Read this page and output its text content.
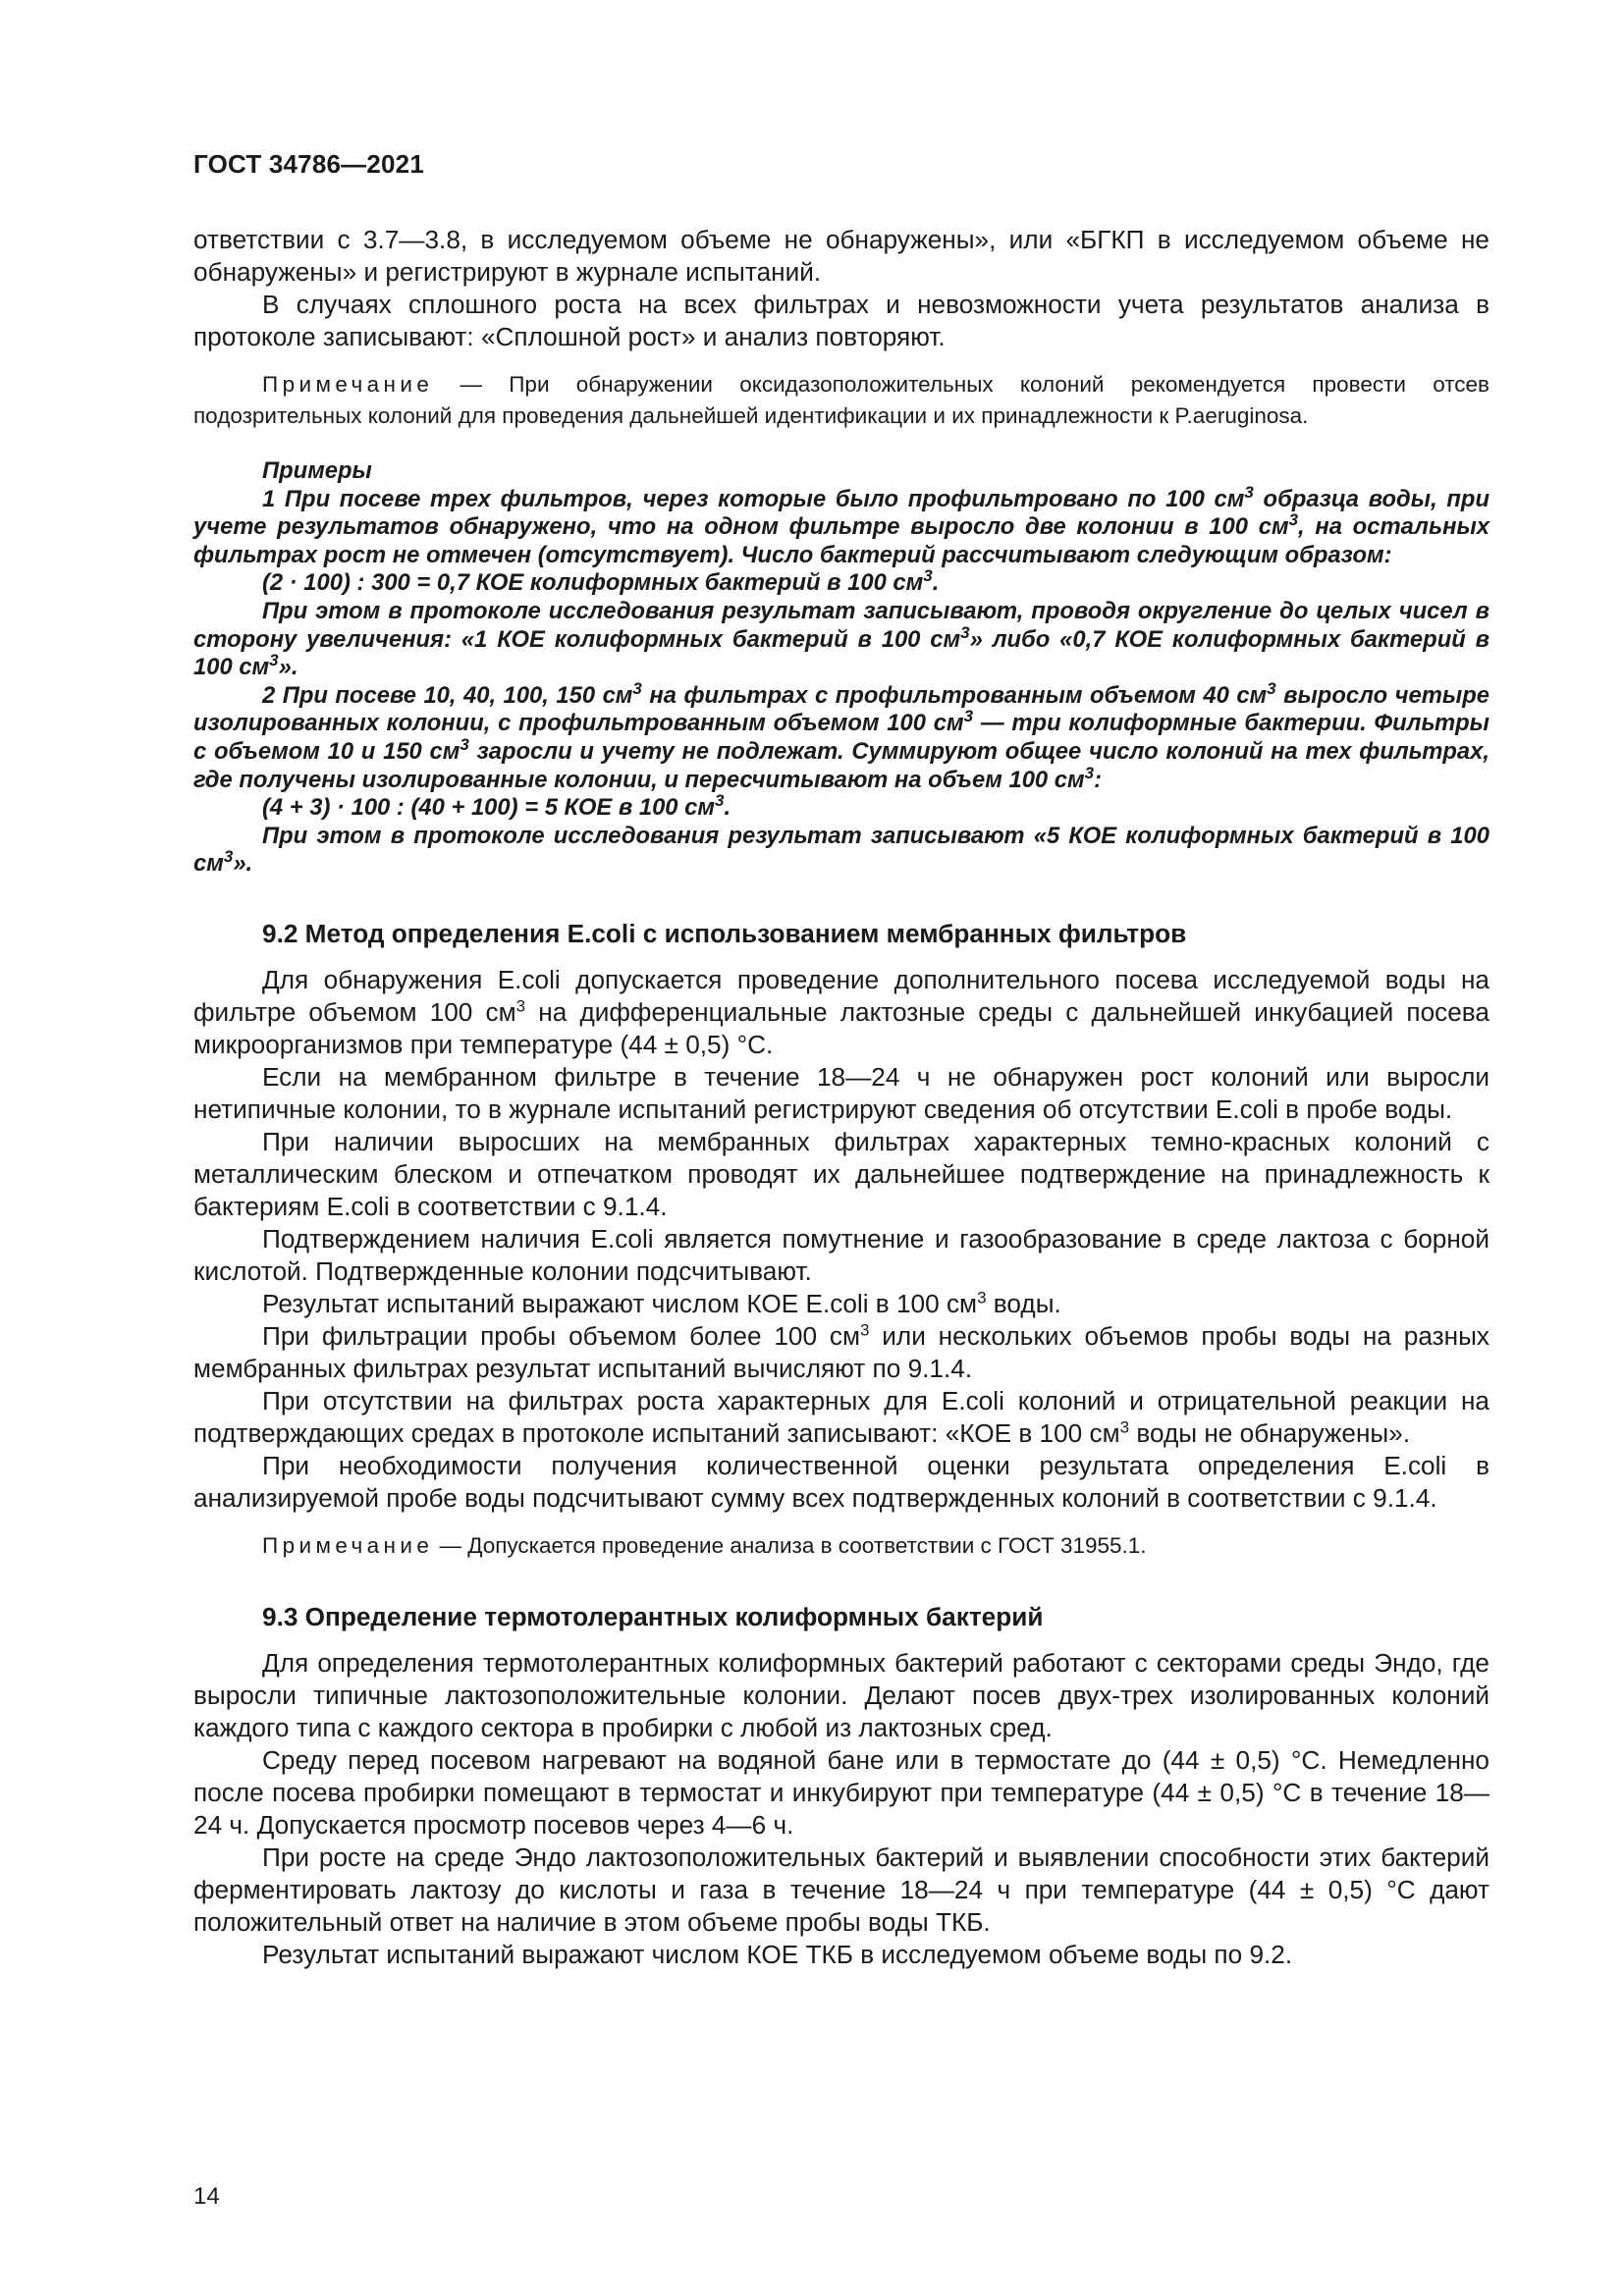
ГОСТ 34786—2021

ответствии с 3.7—3.8, в исследуемом объеме не обнаружены», или «БГКП в исследуемом объеме не обнаружены» и регистрируют в журнале испытаний.

В случаях сплошного роста на всех фильтрах и невозможности учета результатов анализа в протоколе записывают: «Сплошной рост» и анализ повторяют.

Примечание — При обнаружении оксидазоположительных колоний рекомендуется провести отсев подозрительных колоний для проведения дальнейшей идентификации и их принадлежности к P.aeruginosa.

Примеры

1 При посеве трех фильтров, через которые было профильтровано по 100 $см^3$ образца воды, при учете результатов обнаружено, что на одном фильтре выросло две колонии в 100 $см^3$, на остальных фильтрах рост не отмечен (отсутствует). Число бактерий рассчитывают следующим образом:

(2 · 100) : 300 = 0,7 КОЕ колиформных бактерий в 100 $см^3$.

При этом в протоколе исследования результат записывают, проводя округление до целых чисел в сторону увеличения: «1 КОЕ колиформных бактерий в 100 $см^3$» либо «0,7 КОЕ колиформных бактерий в 100 $см^3$».

2 При посеве 10, 40, 100, 150 $см^3$ на фильтрах с профильтрованным объемом 40 $см^3$ выросло четыре изолированных колонии, с профильтрованным объемом 100 $см^3$ — три колиформные бактерии. Фильтры с объемом 10 и 150 $см^3$ заросли и учету не подлежат. Суммируют общее число колоний на тех фильтрах, где получены изолированные колонии, и пересчитывают на объем 100 $см^3$:

(4 + 3) · 100 : (40 + 100) = 5 КОЕ в 100 $см^3$.

При этом в протоколе исследования результат записывают «5 КОЕ колиформных бактерий в 100 $см^3$».

9.2 Метод определения E.coli с использованием мембранных фильтров

Для обнаружения E.coli допускается проведение дополнительного посева исследуемой воды на фильтре объемом 100 $см^3$ на дифференциальные лактозные среды с дальнейшей инкубацией посева микроорганизмов при температуре (44 ± 0,5) °С.

Если на мембранном фильтре в течение 18—24 ч не обнаружен рост колоний или выросли нетипичные колонии, то в журнале испытаний регистрируют сведения об отсутствии E.coli в пробе воды.

При наличии выросших на мембранных фильтрах характерных темно-красных колоний с металлическим блеском и отпечатком проводят их дальнейшее подтверждение на принадлежность к бактериям E.coli в соответствии с 9.1.4.

Подтверждением наличия E.coli является помутнение и газообразование в среде лактоза с борной кислотой. Подтвержденные колонии подсчитывают.

Результат испытаний выражают числом КОЕ E.coli в 100 $см^3$ воды.

При фильтрации пробы объемом более 100 $см^3$ или нескольких объемов пробы воды на разных мембранных фильтрах результат испытаний вычисляют по 9.1.4.

При отсутствии на фильтрах роста характерных для E.coli колоний и отрицательной реакции на подтверждающих средах в протоколе испытаний записывают: «КОЕ в 100 $см^3$ воды не обнаружены».

При необходимости получения количественной оценки результата определения E.coli в анализируемой пробе воды подсчитывают сумму всех подтвержденных колоний в соответствии с 9.1.4.

Примечание — Допускается проведение анализа в соответствии с ГОСТ 31955.1.

9.3 Определение термотолерантных колиформных бактерий

Для определения термотолерантных колиформных бактерий работают с секторами среды Эндо, где выросли типичные лактозоположительные колонии. Делают посев двух-трех изолированных колоний каждого типа с каждого сектора в пробирки с любой из лактозных сред.

Среду перед посевом нагревают на водяной бане или в термостате до (44 ± 0,5) °С. Немедленно после посева пробирки помещают в термостат и инкубируют при температуре (44 ± 0,5) °С в течение 18—24 ч. Допускается просмотр посевов через 4—6 ч.

При росте на среде Эндо лактозоположительных бактерий и выявлении способности этих бактерий ферментировать лактозу до кислоты и газа в течение 18—24 ч при температуре (44 ± 0,5) °С дают положительный ответ на наличие в этом объеме пробы воды ТКБ.

Результат испытаний выражают числом КОЕ ТКБ в исследуемом объеме воды по 9.2.

14
